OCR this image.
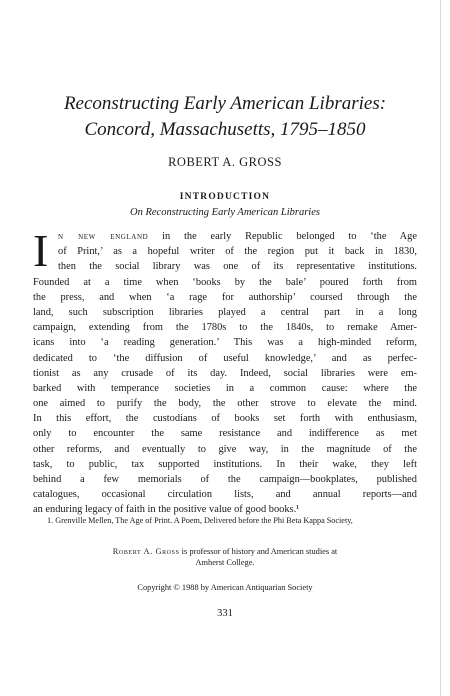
Reconstructing Early American Libraries:
Concord, Massachusetts, 1795–1850
ROBERT A. GROSS
INTRODUCTION
On Reconstructing Early American Libraries
I n new england in the early Republic belonged to ‘the Age
of Print,’ as a hopeful writer of the region put it back in 1830,
then the social library was one of its representative institutions.
Founded at a time when ‘books by the bale’ poured forth from
the press, and when ‘a rage for authorship’ coursed through the
land, such subscription libraries played a central part in a long
campaign, extending from the 1780s to the 1840s, to remake Amer-
icans into ‘a reading generation.’ This was a high-minded reform,
dedicated to ‘the diffusion of useful knowledge,’ and as perfec-
tionist as any crusade of its day. Indeed, social libraries were em-
barked with temperance societies in a common cause: where the
one aimed to purify the body, the other strove to elevate the mind.
In this effort, the custodians of books set forth with enthusiasm,
only to encounter the same resistance and indifference as met
other reforms, and eventually to give way, in the magnitude of the
task, to public, tax supported institutions. In their wake, they left
behind a few memorials of the campaign—bookplates, published
catalogues, occasional circulation lists, and annual reports—and
an enduring legacy of faith in the positive value of good books.¹
1. Grenville Mellen, The Age of Print. A Poem, Delivered before the Phi Beta Kappa Society,
Robert A. Gross is professor of history and American studies at
Amherst College.
Copyright © 1988 by American Antiquarian Society
331
